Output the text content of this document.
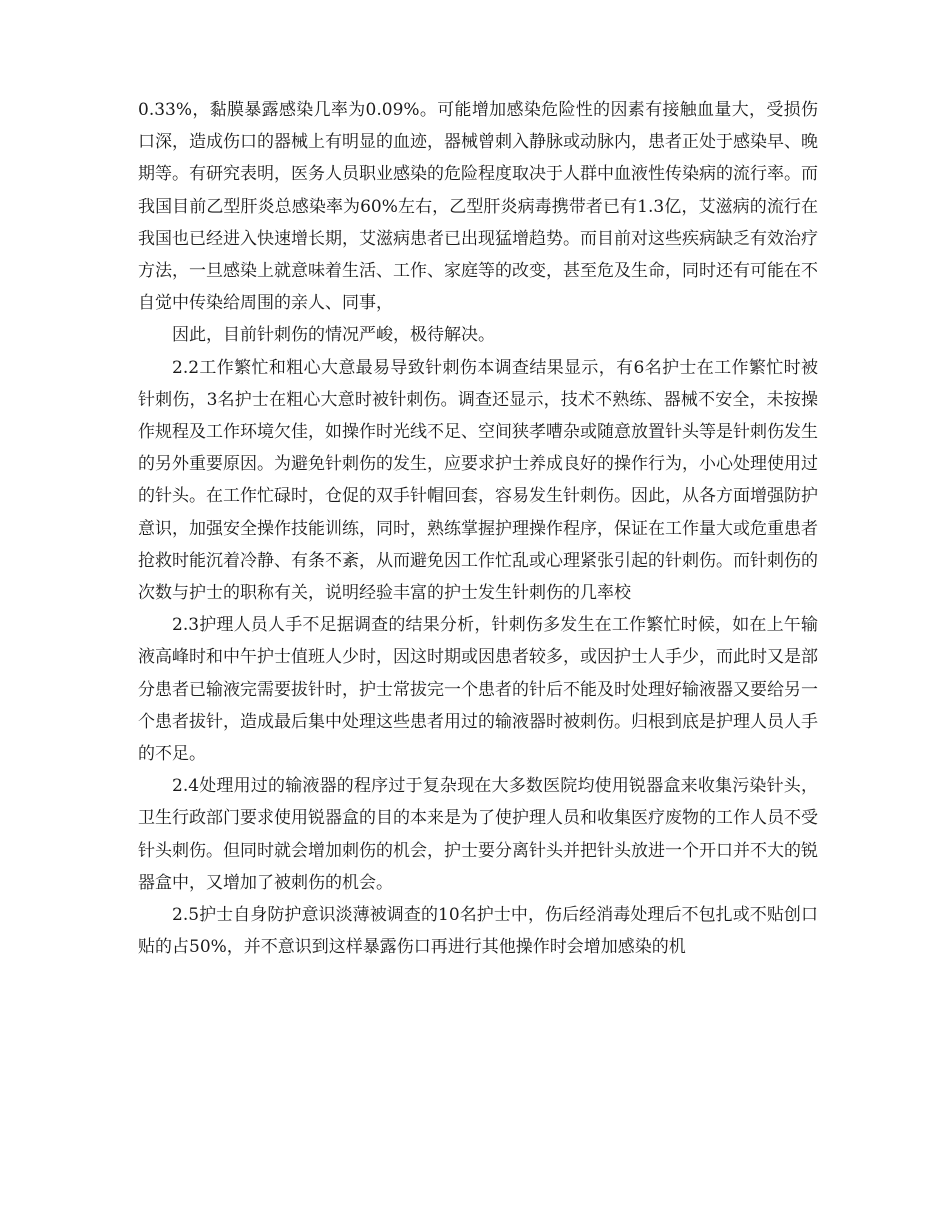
0.33%，黏膜暴露感染几率为0.09%。可能增加感染危险性的因素有接触血量大，受损伤口深，造成伤口的器械上有明显的血迹，器械曾刺入静脉或动脉内，患者正处于感染早、晚期等。有研究表明，医务人员职业感染的危险程度取决于人群中血液性传染病的流行率。而我国目前乙型肝炎总感染率为60%左右，乙型肝炎病毒携带者已有1.3亿，艾滋病的流行在我国也已经进入快速增长期，艾滋病患者已出现猛增趋势。而目前对这些疾病缺乏有效治疗方法，一旦感染上就意味着生活、工作、家庭等的改变，甚至危及生命，同时还有可能在不自觉中传染给周围的亲人、同事，

因此，目前针刺伤的情况严峻，极待解决。

2.2工作繁忙和粗心大意最易导致针刺伤本调查结果显示，有6名护士在工作繁忙时被针刺伤，3名护士在粗心大意时被针刺伤。调查还显示，技术不熟练、器械不安全，未按操作规程及工作环境欠佳，如操作时光线不足、空间狭孝嘈杂或随意放置针头等是针刺伤发生的另外重要原因。为避免针刺伤的发生，应要求护士养成良好的操作行为，小心处理使用过的针头。在工作忙碌时，仓促的双手针帽回套，容易发生针刺伤。因此，从各方面增强防护意识，加强安全操作技能训练，同时，熟练掌握护理操作程序，保证在工作量大或危重患者抢救时能沉着冷静、有条不紊，从而避免因工作忙乱或心理紧张引起的针刺伤。而针刺伤的次数与护士的职称有关，说明经验丰富的护士发生针刺伤的几率校

2.3护理人员人手不足据调查的结果分析，针刺伤多发生在工作繁忙时候，如在上午输液高峰时和中午护士值班人少时，因这时期或因患者较多，或因护士人手少，而此时又是部分患者已输液完需要拔针时，护士常拔完一个患者的针后不能及时处理好输液器又要给另一个患者拔针，造成最后集中处理这些患者用过的输液器时被刺伤。归根到底是护理人员人手的不足。

2.4处理用过的输液器的程序过于复杂现在大多数医院均使用锐器盒来收集污染针头，卫生行政部门要求使用锐器盒的目的本来是为了使护理人员和收集医疗废物的工作人员不受针头刺伤。但同时就会增加刺伤的机会，护士要分离针头并把针头放进一个开口并不大的锐器盒中，又增加了被刺伤的机会。

2.5护士自身防护意识淡薄被调查的10名护士中，伤后经消毒处理后不包扎或不贴创口贴的占50%，并不意识到这样暴露伤口再进行其他操作时会增加感染的机
